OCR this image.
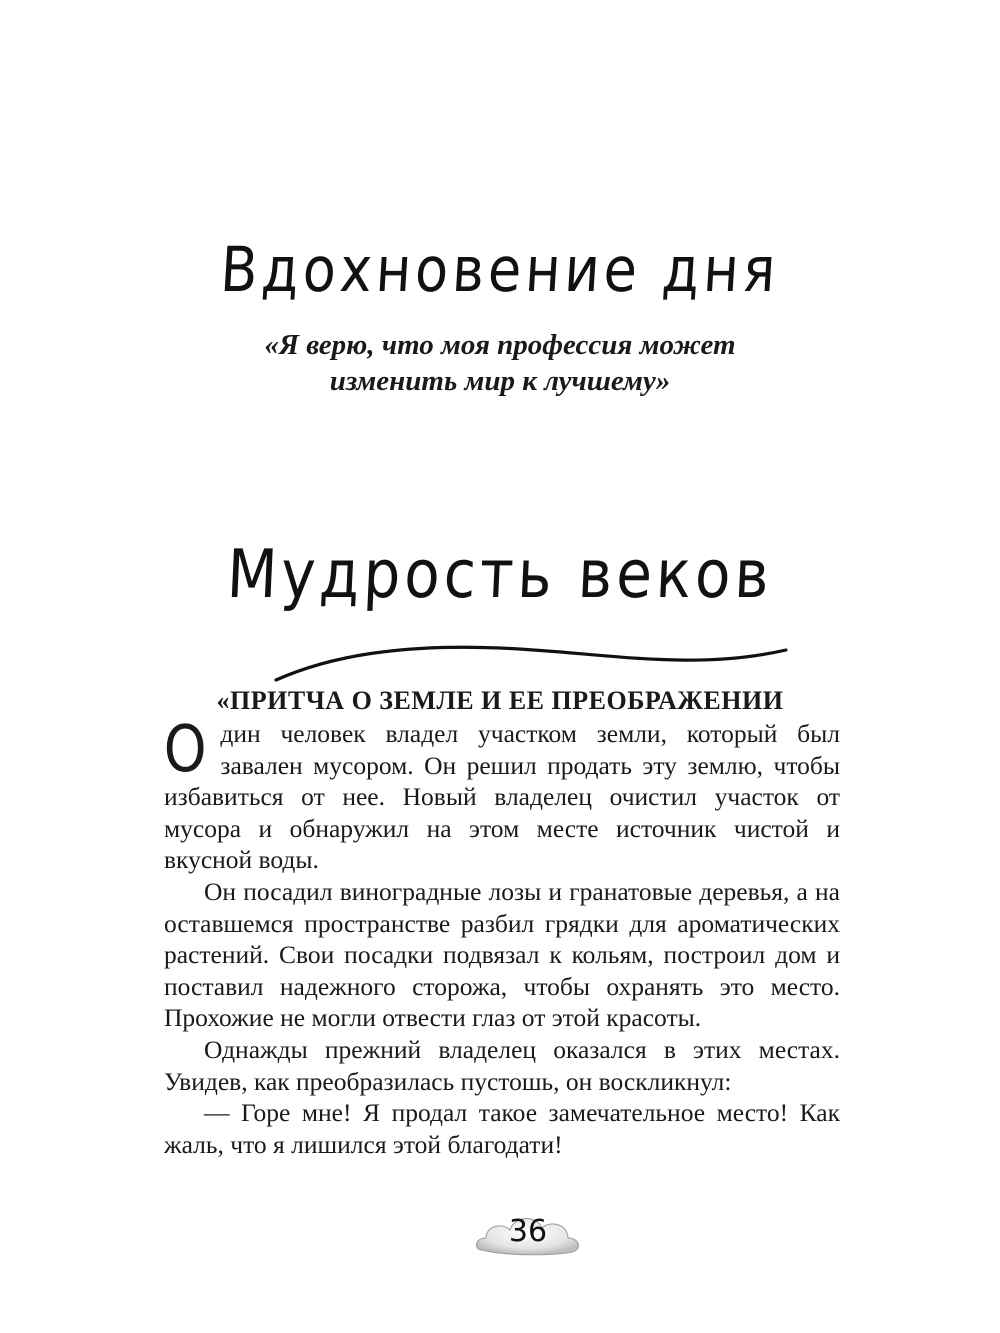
Вдохновение дня

«Я верю, что моя профессия может
изменить мир к лучшему»

Мудрость веков
«ПРИТЧА О ЗЕМЛЕ И ЕЕ ПРЕОБРАЖЕНИИ

О дин человек владел участком земли, который был завален мусором. Он решил продать эту землю, чтобы избавиться от нее. Новый владелец очистил участок от мусора и обнаружил на этом месте источник чистой и вкусной воды.

Он посадил виноградные лозы и гранатовые деревья, а на оставшемся пространстве разбил грядки для ароматических растений. Свои посадки подвязал к кольям, построил дом и поставил надежного сторожа, чтобы охранять это место. Прохожие не могли отвести глаз от этой красоты.

Однажды прежний владелец оказался в этих местах. Увидев, как преобразилась пустошь, он воскликнул:

— Горе мне! Я продал такое замечательное место! Как жаль, что я лишился этой благодати!

36
